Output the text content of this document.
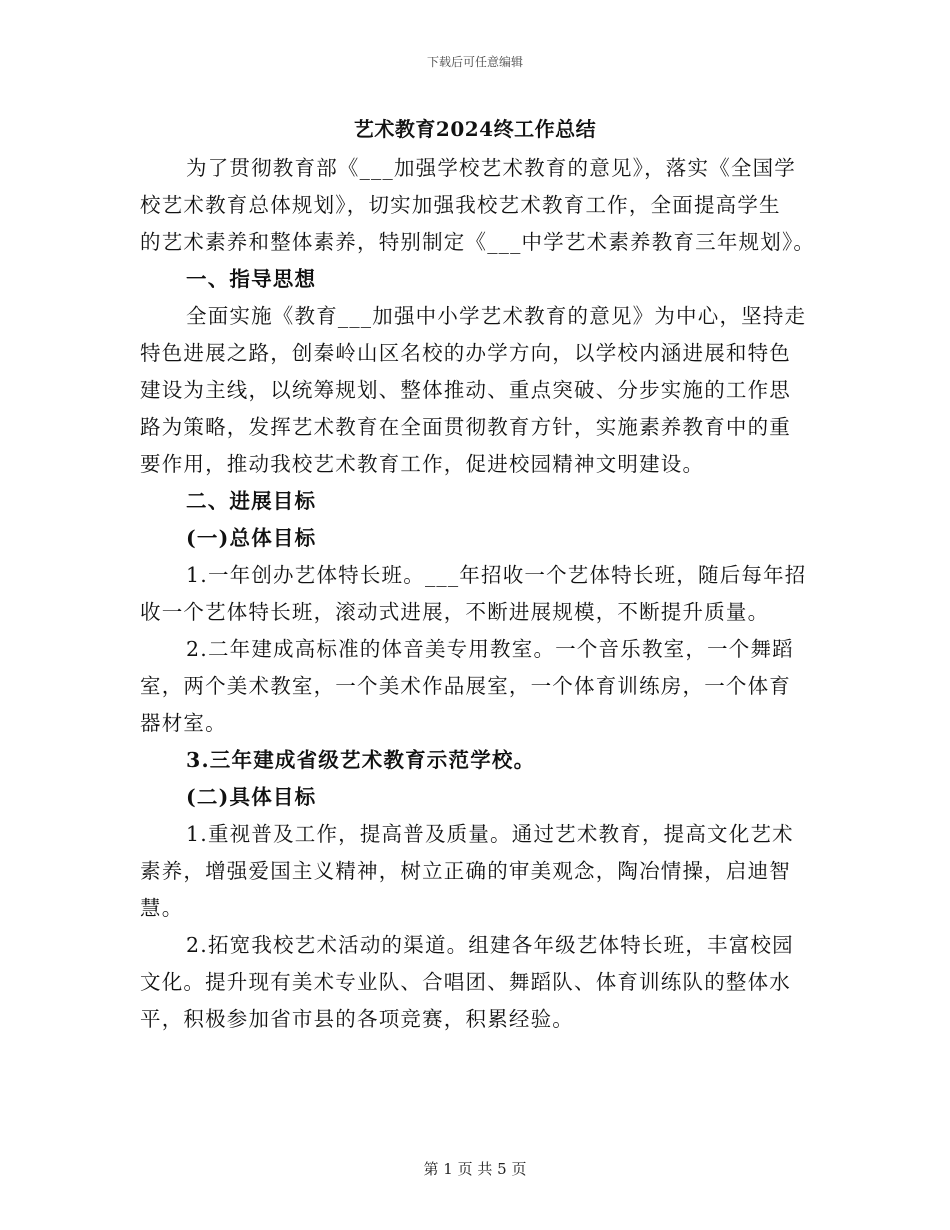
下载后可任意编辑
艺术教育2024终工作总结
为了贯彻教育部《___加强学校艺术教育的意见》，落实《全国学
校艺术教育总体规划》，切实加强我校艺术教育工作，全面提高学生
的艺术素养和整体素养，特别制定《___中学艺术素养教育三年规划》。
一、指导思想
全面实施《教育___加强中小学艺术教育的意见》为中心，坚持走
特色进展之路，创秦岭山区名校的办学方向，以学校内涵进展和特色
建设为主线，以统筹规划、整体推动、重点突破、分步实施的工作思
路为策略，发挥艺术教育在全面贯彻教育方针，实施素养教育中的重
要作用，推动我校艺术教育工作，促进校园精神文明建设。
二、进展目标
(一)总体目标
1.一年创办艺体特长班。___年招收一个艺体特长班，随后每年招
收一个艺体特长班，滚动式进展，不断进展规模，不断提升质量。
2.二年建成高标准的体音美专用教室。一个音乐教室，一个舞蹈
室，两个美术教室，一个美术作品展室，一个体育训练房，一个体育
器材室。
3.三年建成省级艺术教育示范学校。
(二)具体目标
1.重视普及工作，提高普及质量。通过艺术教育，提高文化艺术
素养，增强爱国主义精神，树立正确的审美观念，陶冶情操，启迪智
慧。
2.拓宽我校艺术活动的渠道。组建各年级艺体特长班，丰富校园
文化。提升现有美术专业队、合唱团、舞蹈队、体育训练队的整体水
平，积极参加省市县的各项竞赛，积累经验。
第 1 页 共 5 页
